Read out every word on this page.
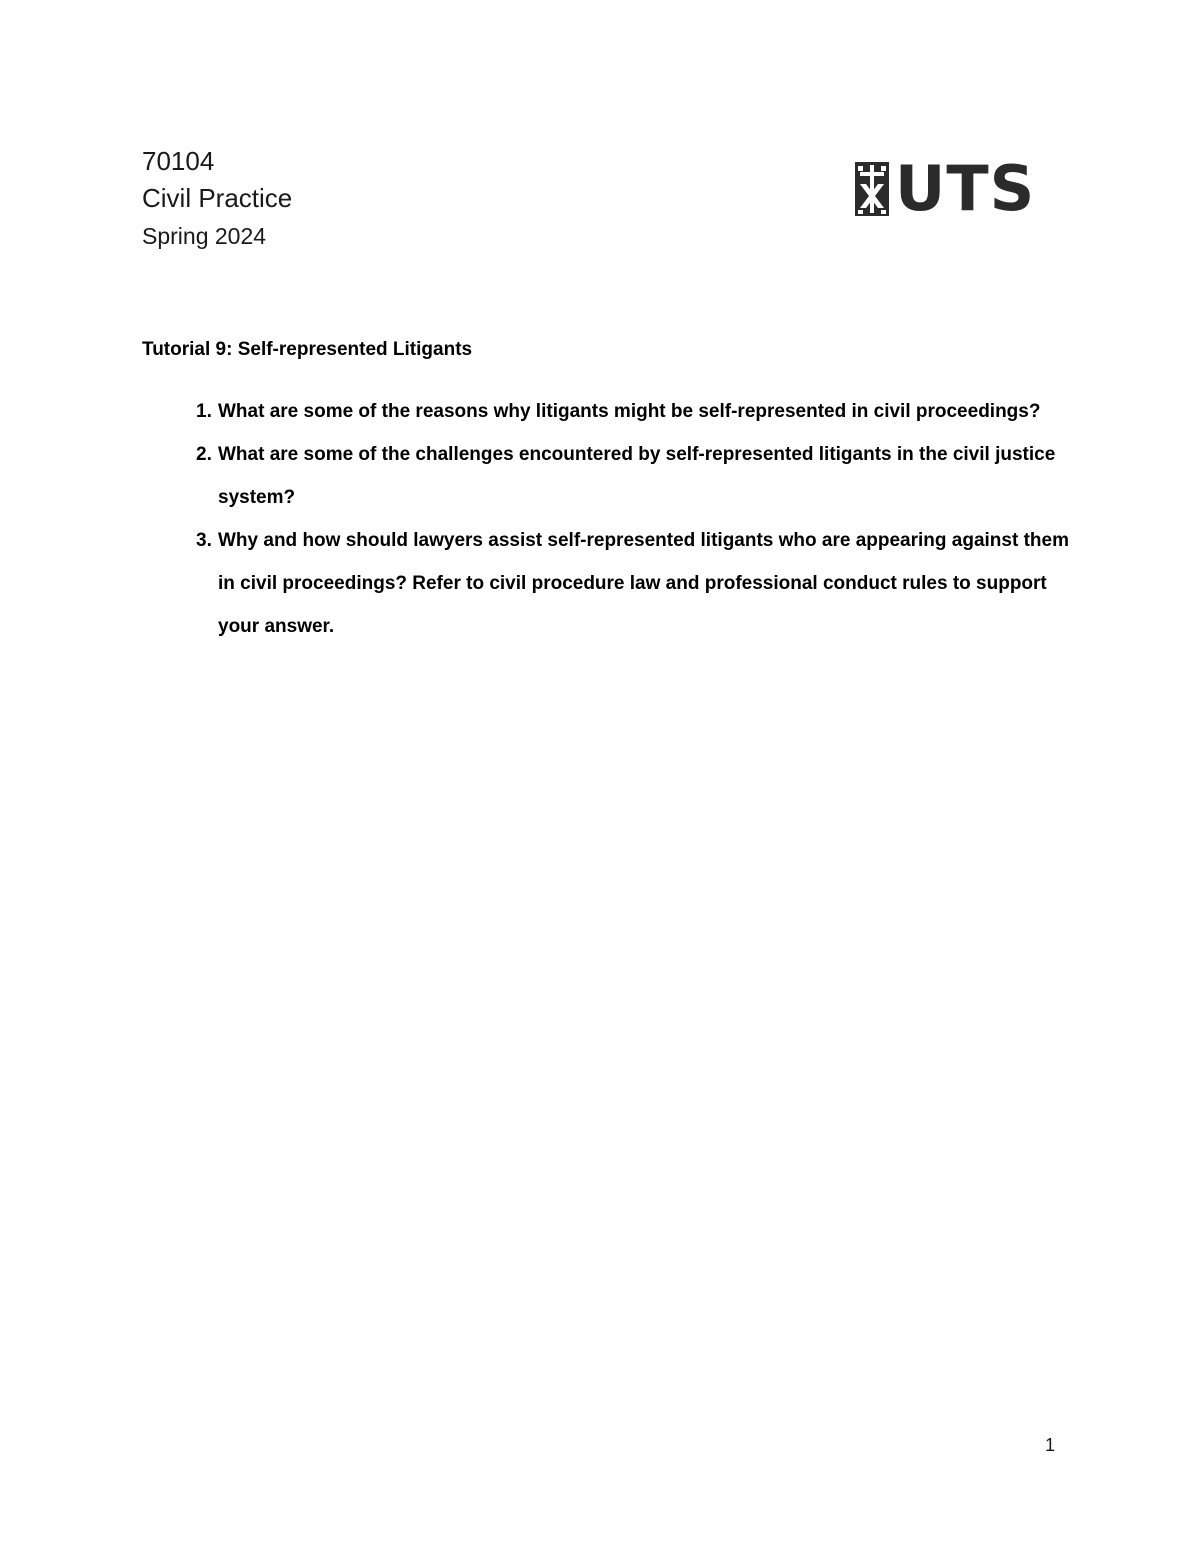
70104
Civil Practice
Spring 2024
UTS
Tutorial 9: Self-represented Litigants
1. What are some of the reasons why litigants might be self-represented in civil proceedings?
2. What are some of the challenges encountered by self-represented litigants in the civil justice system?
3. Why and how should lawyers assist self-represented litigants who are appearing against them in civil proceedings? Refer to civil procedure law and professional conduct rules to support your answer.
1
